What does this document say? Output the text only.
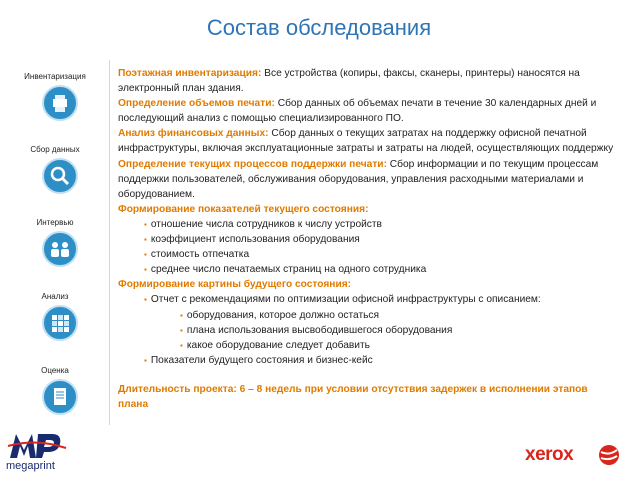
Состав обследования
Инвентаризация
Сбор данных
Интервью
Анализ
Оценка

Поэтажная инвентаризация: Все устройства (копиры, факсы, сканеры, принтеры) наносятся на электронный план здания.

Определение объемов печати: Сбор данных об объемах печати в течение 30 календарных дней и последующий анализ с помощью специализированного ПО.

Анализ финансовых данных: Сбор данных о текущих затратах на поддержку офисной печатной инфраструктуры, включая эксплуатационные затраты и затраты на людей, осуществляющих поддержку

Определение текущих процессов поддержки печати: Сбор информации и по текущим процессам поддержки пользователей, обслуживания оборудования, управления расходными материалами и оборудованием.

Формирование показателей текущего состояния:

▪ отношение числа сотрудников к числу устройств

▪ коэффициент использования оборудования

▪ стоимость отпечатка

▪ среднее число печатаемых страниц на одного сотрудника

Формирование картины будущего состояния:

▪ Отчет с рекомендациями по оптимизации офисной инфраструктуры с описанием:

▪ оборудования, которое должно остаться

▪ плана использования высвободившегося оборудования

▪ какое оборудование следует добавить

▪ Показатели будущего состояния и бизнес-кейс

Длительность проекта: 6 – 8 недель при условии отсутствия задержек в исполнении этапов плана

megaprint
xerox
